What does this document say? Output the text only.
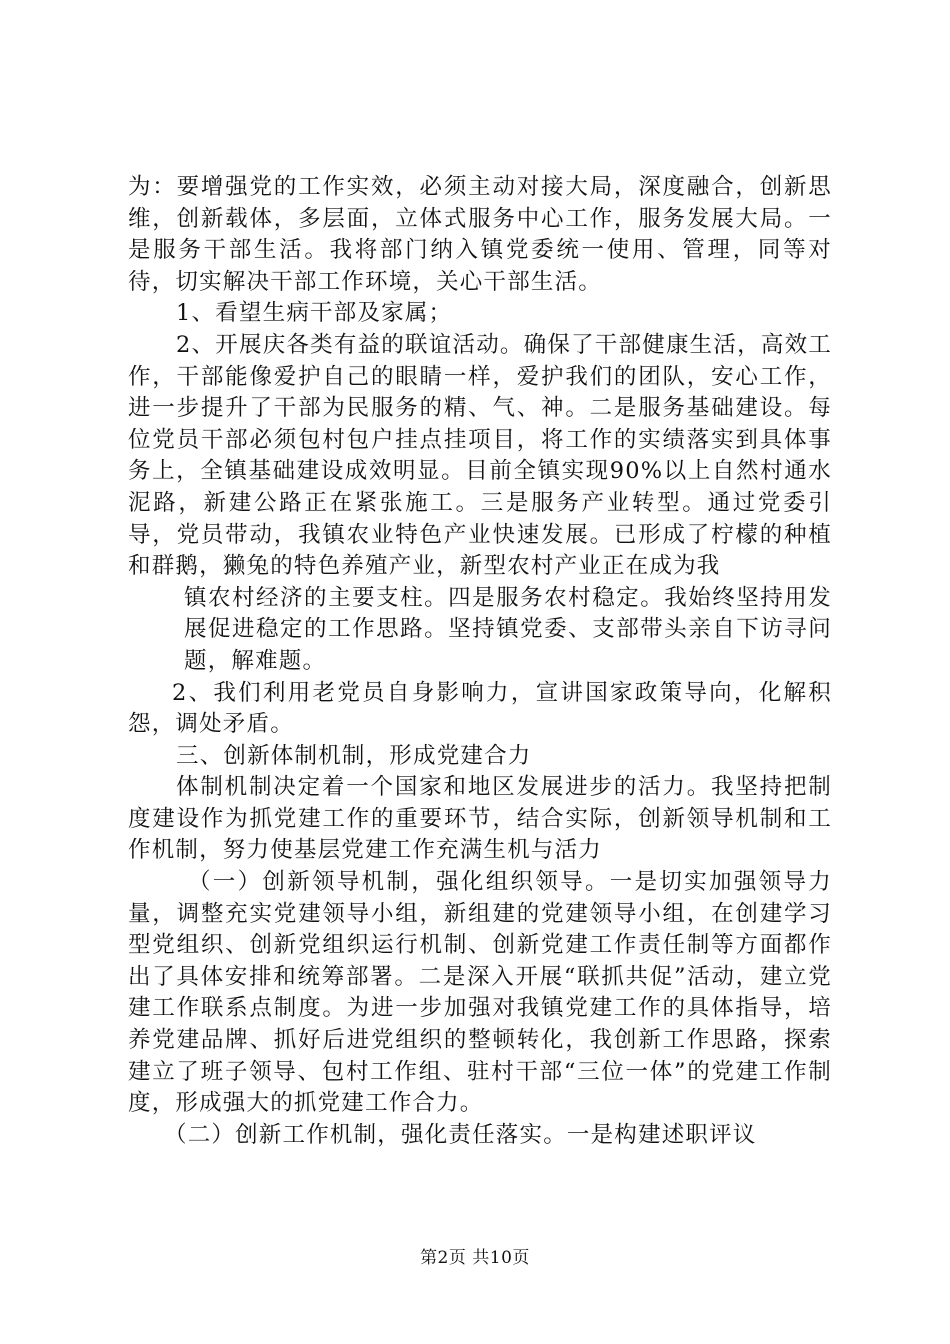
为：要增强党的工作实效，必须主动对接大局，深度融合，创新思维，创新载体，多层面，立体式服务中心工作，服务发展大局。一是服务干部生活。我将部门纳入镇党委统一使用、管理，同等对待，切实解决干部工作环境，关心干部生活。

1、看望生病干部及家属；

2、开展庆各类有益的联谊活动。确保了干部健康生活，高效工作，干部能像爱护自己的眼睛一样，爱护我们的团队，安心工作，进一步提升了干部为民服务的精、气、神。二是服务基础建设。每位党员干部必须包村包户挂点挂项目，将工作的实绩落实到具体事务上，全镇基础建设成效明显。目前全镇实现90%以上自然村通水泥路，新建公路正在紧张施工。三是服务产业转型。通过党委引导，党员带动，我镇农业特色产业快速发展。已形成了柠檬的种植和群鹅，獭兔的特色养殖产业，新型农村产业正在成为我

镇农村经济的主要支柱。四是服务农村稳定。我始终坚持用发展促进稳定的工作思路。坚持镇党委、支部带头亲自下访寻问题，解难题。

2、我们利用老党员自身影响力，宣讲国家政策导向，化解积怨，调处矛盾。

三、创新体制机制，形成党建合力

体制机制决定着一个国家和地区发展进步的活力。我坚持把制度建设作为抓党建工作的重要环节，结合实际，创新领导机制和工作机制，努力使基层党建工作充满生机与活力

（一）创新领导机制，强化组织领导。一是切实加强领导力量，调整充实党建领导小组，新组建的党建领导小组，在创建学习型党组织、创新党组织运行机制、创新党建工作责任制等方面都作出了具体安排和统筹部署。二是深入开展“联抓共促”活动，建立党建工作联系点制度。为进一步加强对我镇党建工作的具体指导，培养党建品牌、抓好后进党组织的整顿转化，我创新工作思路，探索建立了班子领导、包村工作组、驻村干部“三位一体”的党建工作制度，形成强大的抓党建工作合力。

（二）创新工作机制，强化责任落实。一是构建述职评议

第2页 共10页
